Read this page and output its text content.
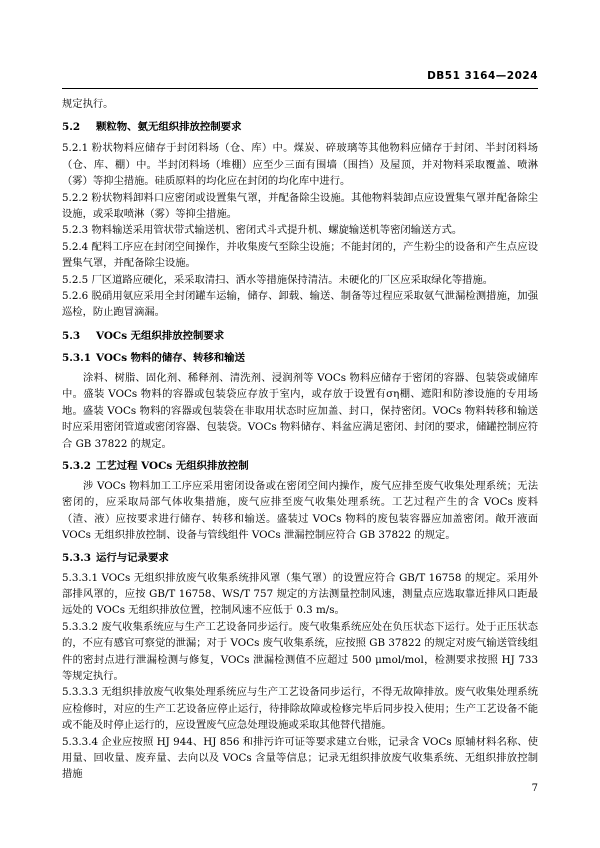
DB51 3164—2024

规定执行。

5.2 颗粒物、氨无组织排放控制要求

5.2.1 粉状物料应储存于封闭料场（仓、库）中。煤炭、碎玻璃等其他物料应储存于封闭、半封闭料场（仓、库、棚）中。半封闭料场（堆棚）应至少三面有围墙（围挡）及屋顶，并对物料采取覆盖、喷淋（雾）等抑尘措施。硅质原料的均化应在封闭的均化库中进行。

5.2.2 粉状物料卸料口应密闭或设置集气罩，并配备除尘设施。其他物料装卸点应设置集气罩并配备除尘设施，或采取喷淋（雾）等抑尘措施。

5.2.3 物料输送采用管状带式输送机、密闭式斗式提升机、螺旋输送机等密闭输送方式。

5.2.4 配料工序应在封闭空间操作，并收集废气至除尘设施；不能封闭的，产生粉尘的设备和产生点应设置集气罩，并配备除尘设施。

5.2.5 厂区道路应硬化，采采取清扫、洒水等措施保持清洁。未硬化的厂区应采取绿化等措施。

5.2.6 脱硝用氨应采用全封闭罐车运输，储存、卸载、输送、制备等过程应采取氨气泄漏检测措施，加强巡检，防止跑冒滴漏。

5.3 VOCs 无组织排放控制要求

5.3.1 VOCs 物料的储存、转移和输送

涂料、树脂、固化剂、稀释剂、清洗剂、浸润剂等 VOCs 物料应储存于密闭的容器、包装袋或储库中。盛装 VOCs 物料的容器或包装袋应存放于室内，或存放于设置有ση棚、遮阳和防渗设施的专用场地。盛装 VOCs 物料的容器或包装袋在非取用状态时应加盖、封口，保持密闭。VOCs 物料转移和输送时应采用密闭管道或密闭容器、包装袋。VOCs 物料储存、料盆应满足密闭、封闭的要求，储罐控制应符合 GB 37822 的规定。

5.3.2 工艺过程 VOCs 无组织排放控制

涉 VOCs 物料加工工序应采用密闭设备或在密闭空间内操作，废气应排至废气收集处理系统；无法密闭的，应采取局部气体收集措施，废气应排至废气收集处理系统。工艺过程产生的含 VOCs 废料（渣、液）应按要求进行储存、转移和输送。盛装过 VOCs 物料的废包装容器应加盖密闭。敞开液面 VOCs 无组织排放控制、设备与管线组件 VOCs 泄漏控制应符合 GB 37822 的规定。

5.3.3 运行与记录要求

5.3.3.1 VOCs 无组织排放废气收集系统排风罩（集气罩）的设置应符合 GB/T 16758 的规定。采用外部排风罩的，应按 GB/T 16758、WS/T 757 规定的方法测量控制风速，测量点应选取靠近排风口距最远处的 VOCs 无组织排放位置，控制风速不应低于 0.3 m/s。

5.3.3.2 废气收集系统应与生产工艺设备同步运行。废气收集系统应处在负压状态下运行。处于正压状态的，不应有感官可察觉的泄漏；对于 VOCs 废气收集系统，应按照 GB 37822 的规定对废气输送管线组件的密封点进行泄漏检测与修复，VOCs 泄漏检测值不应超过 500 μmol/mol，检测要求按照 HJ 733 等规定执行。

5.3.3.3 无组织排放废气收集处理系统应与生产工艺设备同步运行，不得无故障排放。废气收集处理系统应检修时，对应的生产工艺设备应停止运行，待排除故障或检修完毕后同步投入使用；生产工艺设备不能或不能及时停止运行的，应设置废气应急处理设施或采取其他替代措施。

5.3.3.4 企业应按照 HJ 944、HJ 856 和排污许可证等要求建立台账，记录含 VOCs 原辅材料名称、使用量、回收量、废弃量、去向以及 VOCs 含量等信息；记录无组织排放废气收集系统、无组织排放控制措施

7
